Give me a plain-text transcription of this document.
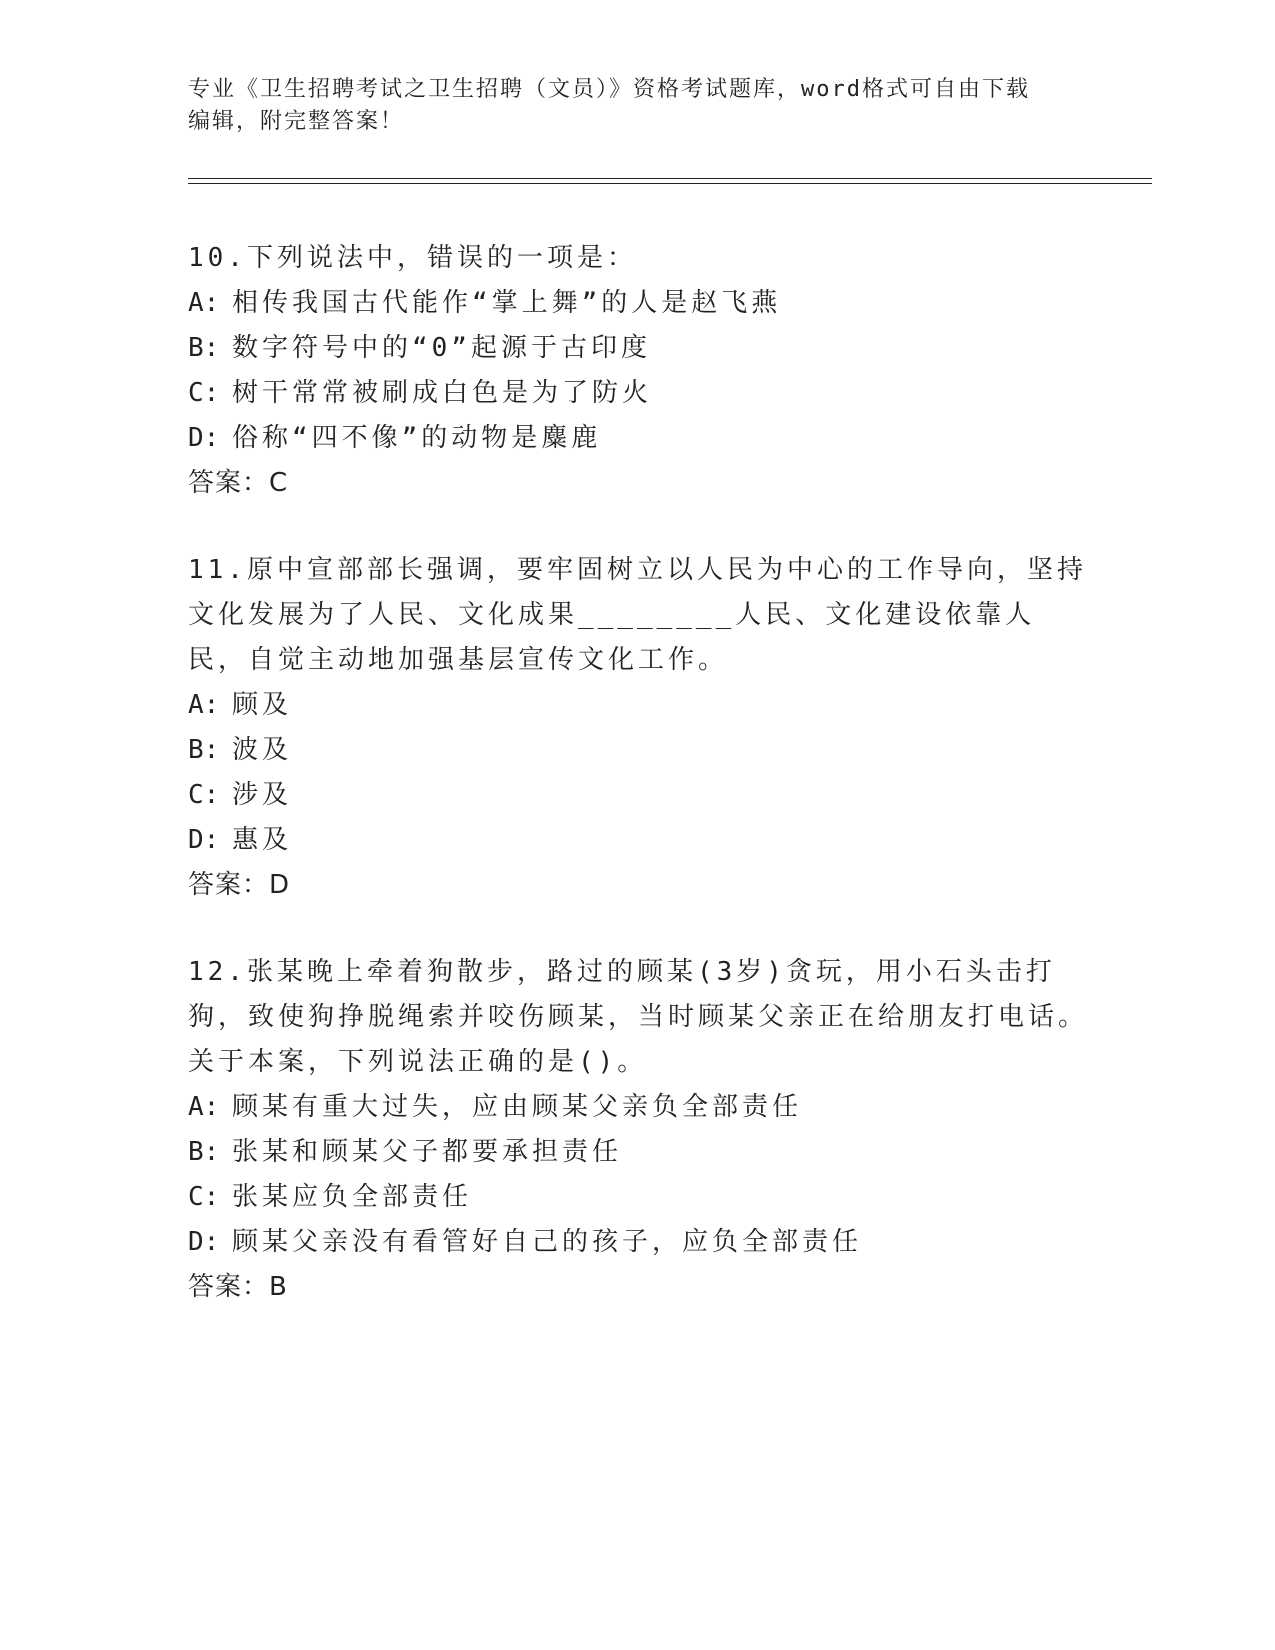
专业《卫生招聘考试之卫生招聘（文员）》资格考试题库，word格式可自由下载
编辑，附完整答案！
10.下列说法中，错误的一项是：
A: 相传我国古代能作“掌上舞”的人是赵飞燕
B: 数字符号中的“0”起源于古印度
C: 树干常常被刷成白色是为了防火
D: 俗称“四不像”的动物是麋鹿
答案：C
11.原中宣部部长强调，要牢固树立以人民为中心的工作导向，坚持文化发展为了人民、文化成果________人民、文化建设依靠人民，自觉主动地加强基层宣传文化工作。
A: 顾及
B: 波及
C: 涉及
D: 惠及
答案：D
12.张某晚上牵着狗散步，路过的顾某(3岁)贪玩，用小石头击打狗，致使狗挣脱绳索并咬伤顾某，当时顾某父亲正在给朋友打电话。关于本案，下列说法正确的是()。
A: 顾某有重大过失，应由顾某父亲负全部责任
B: 张某和顾某父子都要承担责任
C: 张某应负全部责任
D: 顾某父亲没有看管好自己的孩子，应负全部责任
答案：B
